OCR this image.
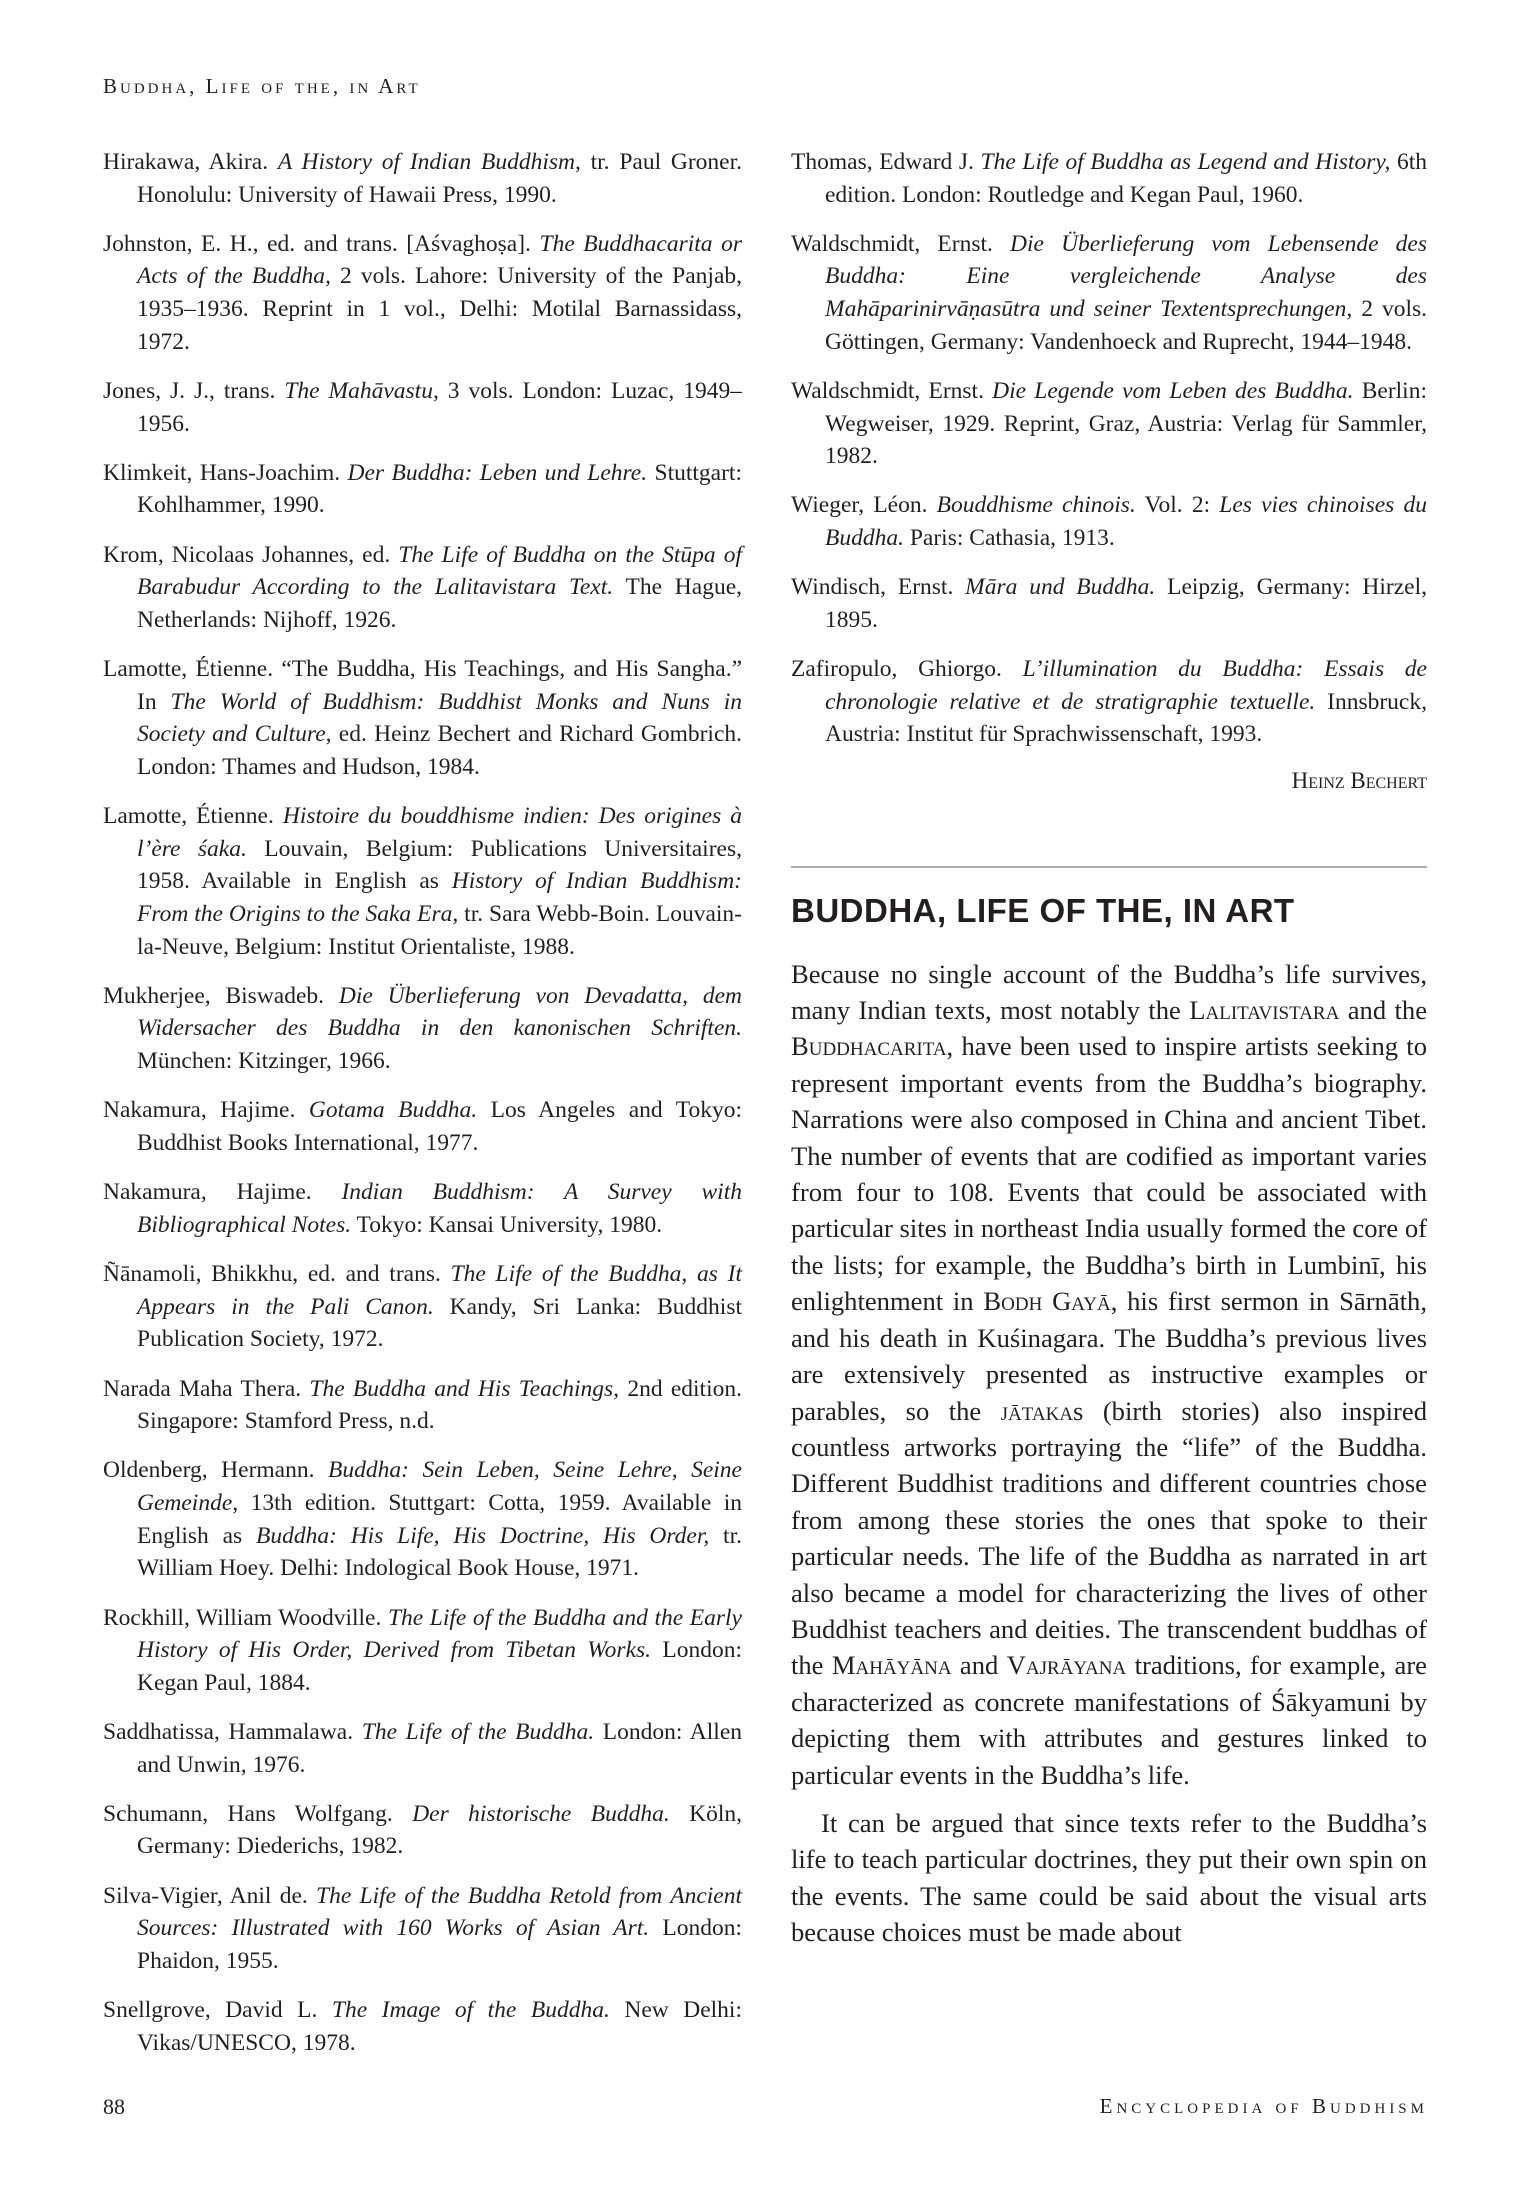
Buddha, Life of the, in Art

Hirakawa, Akira. A History of Indian Buddhism, tr. Paul Groner. Honolulu: University of Hawaii Press, 1990.

Johnston, E. H., ed. and trans. [Aśvaghoṣa]. The Buddhacarita or Acts of the Buddha, 2 vols. Lahore: University of the Panjab, 1935–1936. Reprint in 1 vol., Delhi: Motilal Barnassidass, 1972.

Jones, J. J., trans. The Mahāvastu, 3 vols. London: Luzac, 1949–1956.

Klimkeit, Hans-Joachim. Der Buddha: Leben und Lehre. Stuttgart: Kohlhammer, 1990.

Krom, Nicolaas Johannes, ed. The Life of Buddha on the Stūpa of Barabudur According to the Lalitavistara Text. The Hague, Netherlands: Nijhoff, 1926.

Lamotte, Étienne. “The Buddha, His Teachings, and His Sangha.” In The World of Buddhism: Buddhist Monks and Nuns in Society and Culture, ed. Heinz Bechert and Richard Gombrich. London: Thames and Hudson, 1984.

Lamotte, Étienne. Histoire du bouddhisme indien: Des origines à l’ère śaka. Louvain, Belgium: Publications Universitaires, 1958. Available in English as History of Indian Buddhism: From the Origins to the Saka Era, tr. Sara Webb-Boin. Louvain-la-Neuve, Belgium: Institut Orientaliste, 1988.

Mukherjee, Biswadeb. Die Überlieferung von Devadatta, dem Widersacher des Buddha in den kanonischen Schriften. München: Kitzinger, 1966.

Nakamura, Hajime. Gotama Buddha. Los Angeles and Tokyo: Buddhist Books International, 1977.

Nakamura, Hajime. Indian Buddhism: A Survey with Bibliographical Notes. Tokyo: Kansai University, 1980.

Ñānamoli, Bhikkhu, ed. and trans. The Life of the Buddha, as It Appears in the Pali Canon. Kandy, Sri Lanka: Buddhist Publication Society, 1972.

Narada Maha Thera. The Buddha and His Teachings, 2nd edition. Singapore: Stamford Press, n.d.

Oldenberg, Hermann. Buddha: Sein Leben, Seine Lehre, Seine Gemeinde, 13th edition. Stuttgart: Cotta, 1959. Available in English as Buddha: His Life, His Doctrine, His Order, tr. William Hoey. Delhi: Indological Book House, 1971.

Rockhill, William Woodville. The Life of the Buddha and the Early History of His Order, Derived from Tibetan Works. London: Kegan Paul, 1884.

Saddhatissa, Hammalawa. The Life of the Buddha. London: Allen and Unwin, 1976.

Schumann, Hans Wolfgang. Der historische Buddha. Köln, Germany: Diederichs, 1982.

Silva-Vigier, Anil de. The Life of the Buddha Retold from Ancient Sources: Illustrated with 160 Works of Asian Art. London: Phaidon, 1955.

Snellgrove, David L. The Image of the Buddha. New Delhi: Vikas/UNESCO, 1978.

Thomas, Edward J. The Life of Buddha as Legend and History, 6th edition. London: Routledge and Kegan Paul, 1960.

Waldschmidt, Ernst. Die Überlieferung vom Lebensende des Buddha: Eine vergleichende Analyse des Mahāparinirvāṇasūtra und seiner Textentsprechungen, 2 vols. Göttingen, Germany: Vandenhoeck and Ruprecht, 1944–1948.

Waldschmidt, Ernst. Die Legende vom Leben des Buddha. Berlin: Wegweiser, 1929. Reprint, Graz, Austria: Verlag für Sammler, 1982.

Wieger, Léon. Bouddhisme chinois. Vol. 2: Les vies chinoises du Buddha. Paris: Cathasia, 1913.

Windisch, Ernst. Māra und Buddha. Leipzig, Germany: Hirzel, 1895.

Zafiropulo, Ghiorgo. L’illumination du Buddha: Essais de chronologie relative et de stratigraphie textuelle. Innsbruck, Austria: Institut für Sprachwissenschaft, 1993.

Heinz Bechert
BUDDHA, LIFE OF THE, IN ART

Because no single account of the Buddha’s life survives, many Indian texts, most notably the Lalitavistara and the Buddhacarita, have been used to inspire artists seeking to represent important events from the Buddha’s biography. Narrations were also composed in China and ancient Tibet. The number of events that are codified as important varies from four to 108. Events that could be associated with particular sites in northeast India usually formed the core of the lists; for example, the Buddha’s birth in Lumbinī, his enlightenment in Bodh Gayā, his first sermon in Sārnāth, and his death in Kuśinagara. The Buddha’s previous lives are extensively presented as instructive examples or parables, so the jātakas (birth stories) also inspired countless artworks portraying the “life” of the Buddha. Different Buddhist traditions and different countries chose from among these stories the ones that spoke to their particular needs. The life of the Buddha as narrated in art also became a model for characterizing the lives of other Buddhist teachers and deities. The transcendent buddhas of the Mahāyāna and Vajrāyana traditions, for example, are characterized as concrete manifestations of Śākyamuni by depicting them with attributes and gestures linked to particular events in the Buddha’s life.

It can be argued that since texts refer to the Buddha’s life to teach particular doctrines, they put their own spin on the events. The same could be said about the visual arts because choices must be made about

88	Encyclopedia of Buddhism
